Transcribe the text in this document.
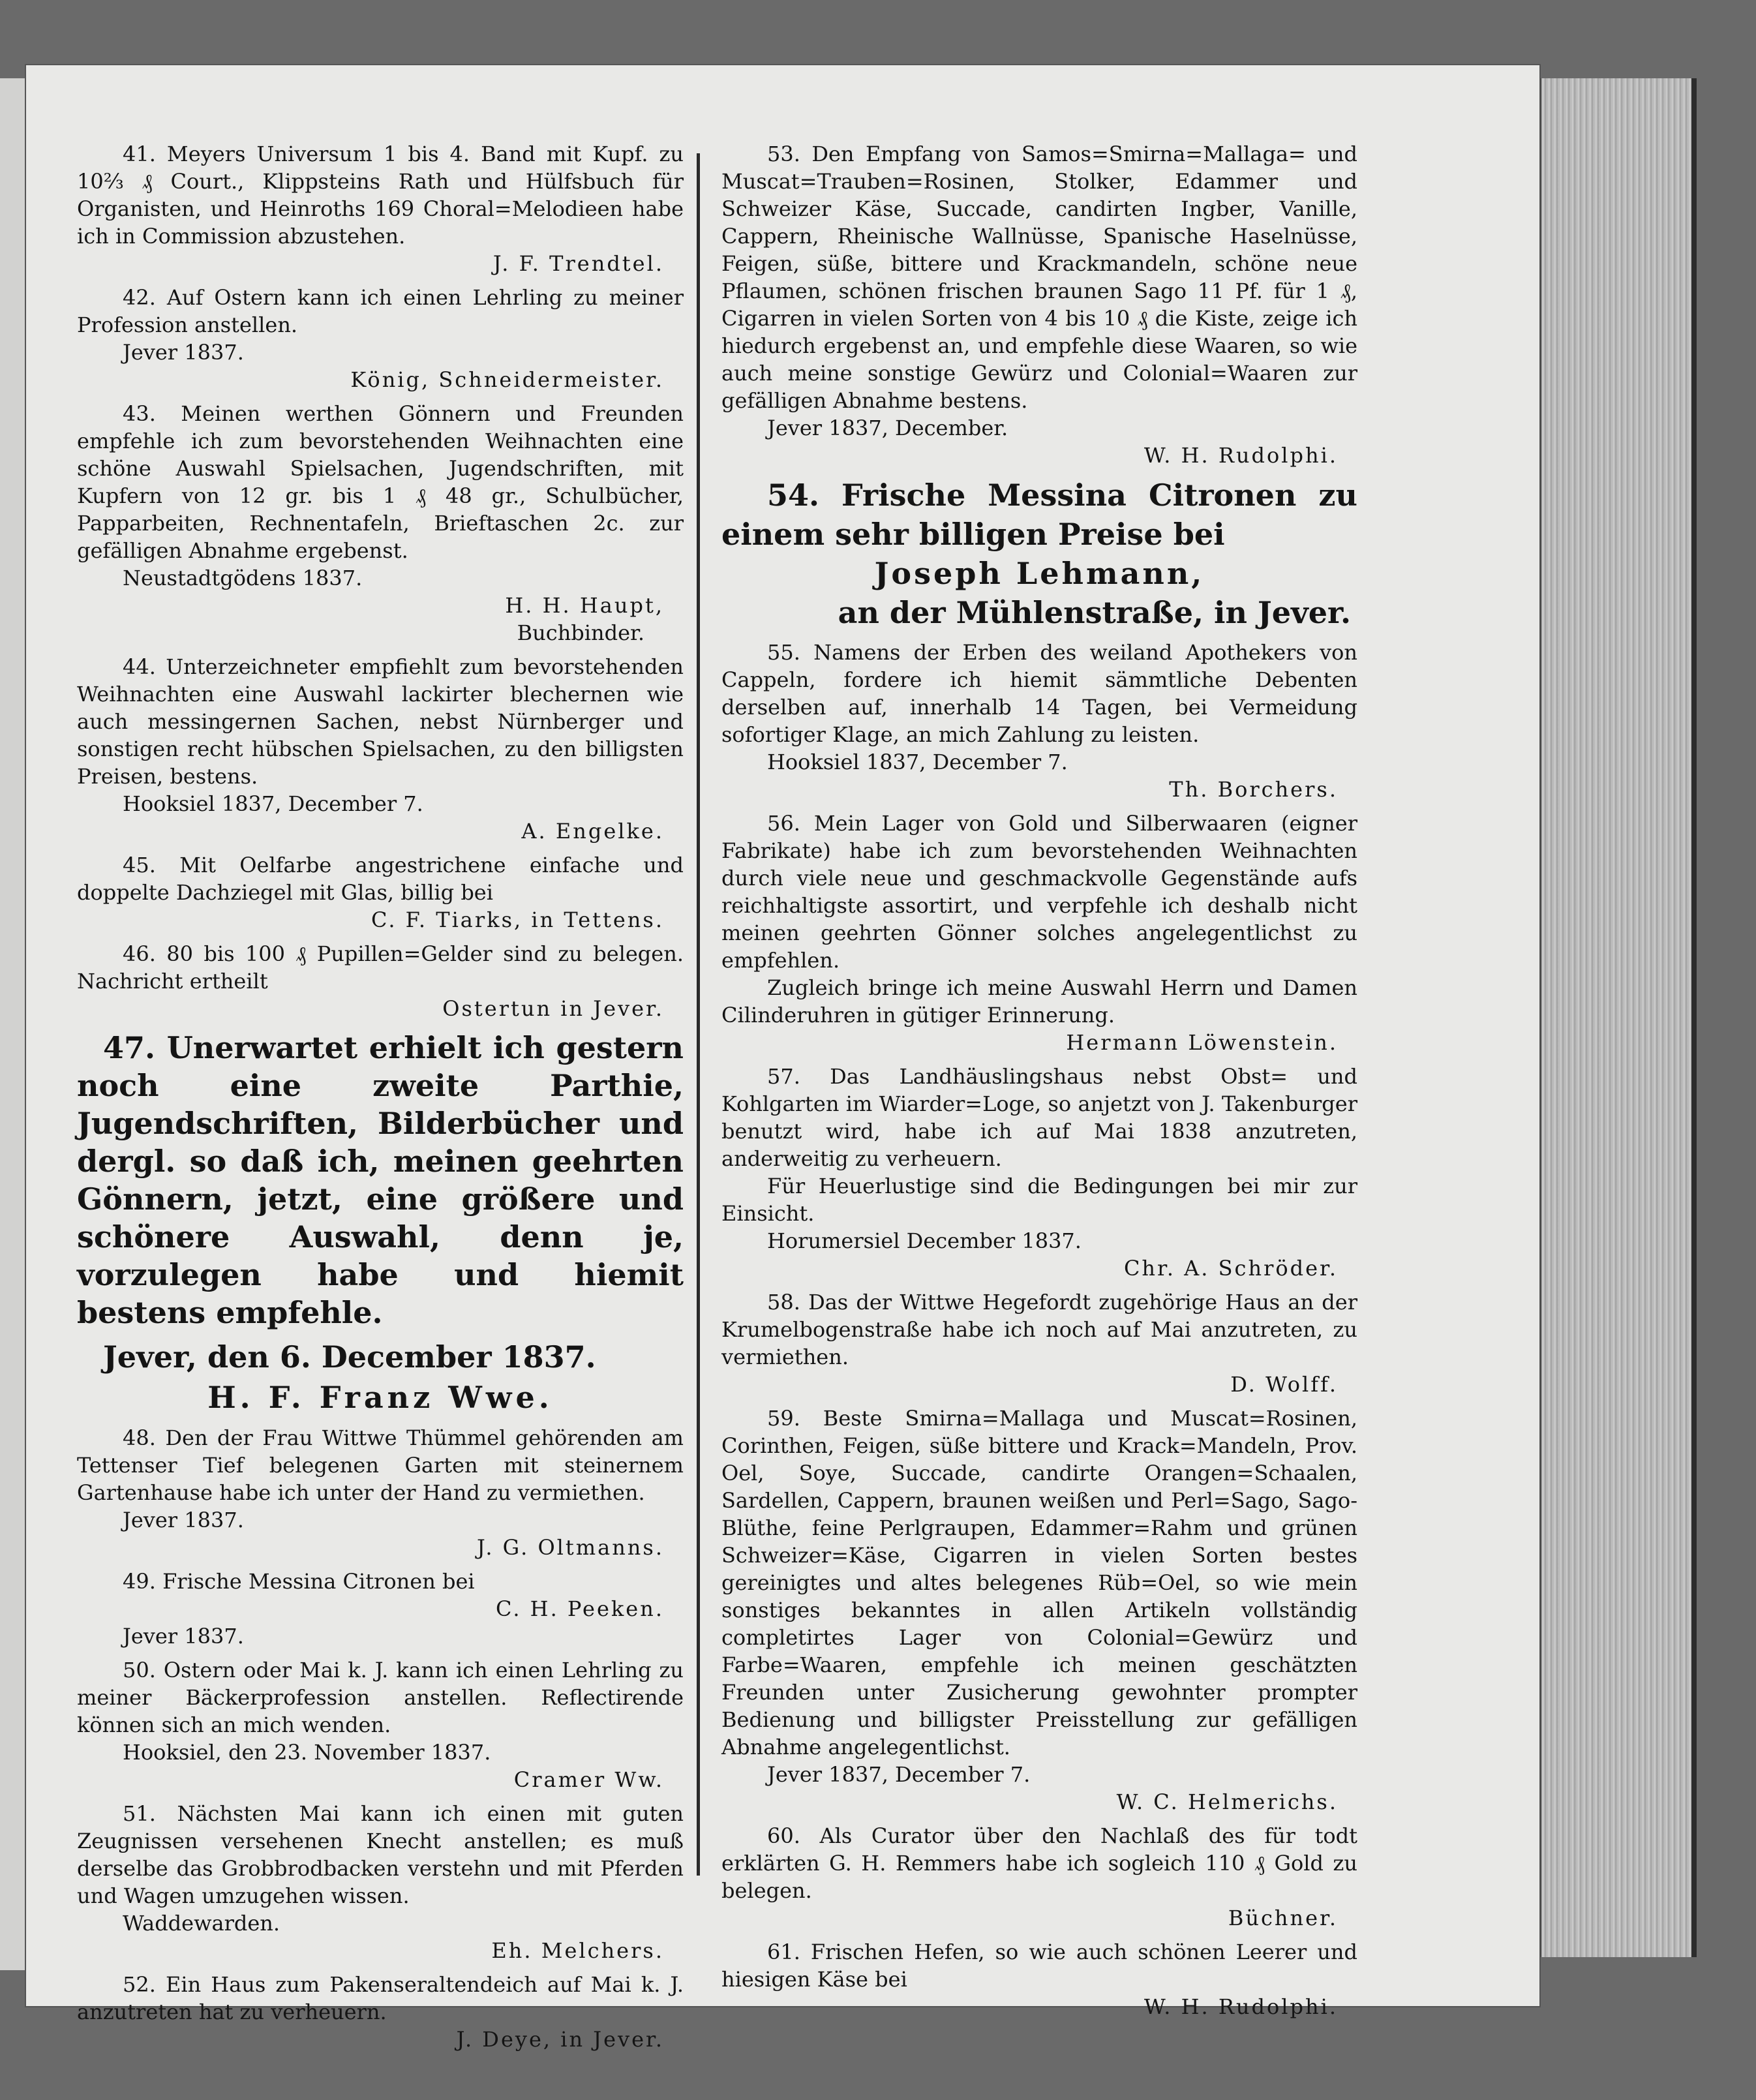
41. Meyers Universum 1 bis 4. Band mit Kupf. zu 10⅔ ₰ Court., Klippsteins Rath und Hülfsbuch für Organisten, und Heinroths 169 Choral=Melodieen habe ich in Commission abzustehen.

J. F. Trendtel.

42. Auf Ostern kann ich einen Lehrling zu meiner Profession anstellen.

Jever 1837.

König, Schneidermeister.

43. Meinen werthen Gönnern und Freunden empfehle ich zum bevorstehenden Weihnachten eine schöne Auswahl Spielsachen, Jugendschriften, mit Kupfern von 12 gr. bis 1 ₰ 48 gr., Schulbücher, Papparbeiten, Rechnentafeln, Brieftaschen 2c. zur gefälligen Abnahme ergebenst.

Neustadtgödens 1837.

H. H. Haupt,

Buchbinder.

44. Unterzeichneter empfiehlt zum bevorstehenden Weihnachten eine Auswahl lackirter blechernen wie auch messingernen Sachen, nebst Nürnberger und sonstigen recht hübschen Spielsachen, zu den billigsten Preisen, bestens.

Hooksiel 1837, December 7.

A. Engelke.

45. Mit Oelfarbe angestrichene einfache und doppelte Dachziegel mit Glas, billig bei

C. F. Tiarks, in Tettens.

46. 80 bis 100 ₰ Pupillen=Gelder sind zu belegen. Nachricht ertheilt

Ostertun in Jever.

47. Unerwartet erhielt ich gestern noch eine zweite Parthie, Jugendschriften, Bilderbücher und dergl. so daß ich, meinen geehrten Gönnern, jetzt, eine größere und schönere Auswahl, denn je, vorzulegen habe und hiemit bestens empfehle.

Jever, den 6. December 1837.

H. F. Franz Wwe.

48. Den der Frau Wittwe Thümmel gehörenden am Tettenser Tief belegenen Garten mit steinernem Gartenhause habe ich unter der Hand zu vermiethen.

Jever 1837.

J. G. Oltmanns.

49. Frische Messina Citronen bei

C. H. Peeken.

Jever 1837.

50. Ostern oder Mai k. J. kann ich einen Lehrling zu meiner Bäckerprofession anstellen. Reflectirende können sich an mich wenden.

Hooksiel, den 23. November 1837.

Cramer Ww.

51. Nächsten Mai kann ich einen mit guten Zeugnissen versehenen Knecht anstellen; es muß derselbe das Grobbrodbacken verstehn und mit Pferden und Wagen umzugehen wissen.

Waddewarden.

Eh. Melchers.

52. Ein Haus zum Pakenseraltendeich auf Mai k. J. anzutreten hat zu verheuern.

J. Deye, in Jever.

53. Den Empfang von Samos=Smirna=Mallaga= und Muscat=Trauben=Rosinen, Stolker, Edammer und Schweizer Käse, Succade, candirten Ingber, Vanille, Cappern, Rheinische Wallnüsse, Spanische Haselnüsse, Feigen, süße, bittere und Krackmandeln, schöne neue Pflaumen, schönen frischen braunen Sago 11 Pf. für 1 ₰, Cigarren in vielen Sorten von 4 bis 10 ₰ die Kiste, zeige ich hiedurch ergebenst an, und empfehle diese Waaren, so wie auch meine sonstige Gewürz und Colonial=Waaren zur gefälligen Abnahme bestens.

Jever 1837, December.

W. H. Rudolphi.

54. Frische Messina Citronen zu einem sehr billigen Preise bei

Joseph Lehmann,

an der Mühlenstraße, in Jever.

55. Namens der Erben des weiland Apothekers von Cappeln, fordere ich hiemit sämmtliche Debenten derselben auf, innerhalb 14 Tagen, bei Vermeidung sofortiger Klage, an mich Zahlung zu leisten.

Hooksiel 1837, December 7.

Th. Borchers.

56. Mein Lager von Gold und Silberwaaren (eigner Fabrikate) habe ich zum bevorstehenden Weihnachten durch viele neue und geschmackvolle Gegenstände aufs reichhaltigste assortirt, und verpfehle ich deshalb nicht meinen geehrten Gönner solches angelegentlichst zu empfehlen.

Zugleich bringe ich meine Auswahl Herrn und Damen Cilinderuhren in gütiger Erinnerung.

Hermann Löwenstein.

57. Das Landhäuslingshaus nebst Obst= und Kohlgarten im Wiarder=Loge, so anjetzt von J. Takenburger benutzt wird, habe ich auf Mai 1838 anzutreten, anderweitig zu verheuern.

Für Heuerlustige sind die Bedingungen bei mir zur Einsicht.

Horumersiel December 1837.

Chr. A. Schröder.

58. Das der Wittwe Hegefordt zugehörige Haus an der Krumelbogenstraße habe ich noch auf Mai anzutreten, zu vermiethen.

D. Wolff.

59. Beste Smirna=Mallaga und Muscat=Rosinen, Corinthen, Feigen, süße bittere und Krack=Mandeln, Prov. Oel, Soye, Succade, candirte Orangen=Schaalen, Sardellen, Cappern, braunen weißen und Perl=Sago, Sago-Blüthe, feine Perlgraupen, Edammer=Rahm und grünen Schweizer=Käse, Cigarren in vielen Sorten bestes gereinigtes und altes belegenes Rüb=Oel, so wie mein sonstiges bekanntes in allen Artikeln vollständig completirtes Lager von Colonial=Gewürz und Farbe=Waaren, empfehle ich meinen geschätzten Freunden unter Zusicherung gewohnter prompter Bedienung und billigster Preisstellung zur gefälligen Abnahme angelegentlichst.

Jever 1837, December 7.

W. C. Helmerichs.

60. Als Curator über den Nachlaß des für todt erklärten G. H. Remmers habe ich sogleich 110 ₰ Gold zu belegen.

Büchner.

61. Frischen Hefen, so wie auch schönen Leerer und hiesigen Käse bei

W. H. Rudolphi.
